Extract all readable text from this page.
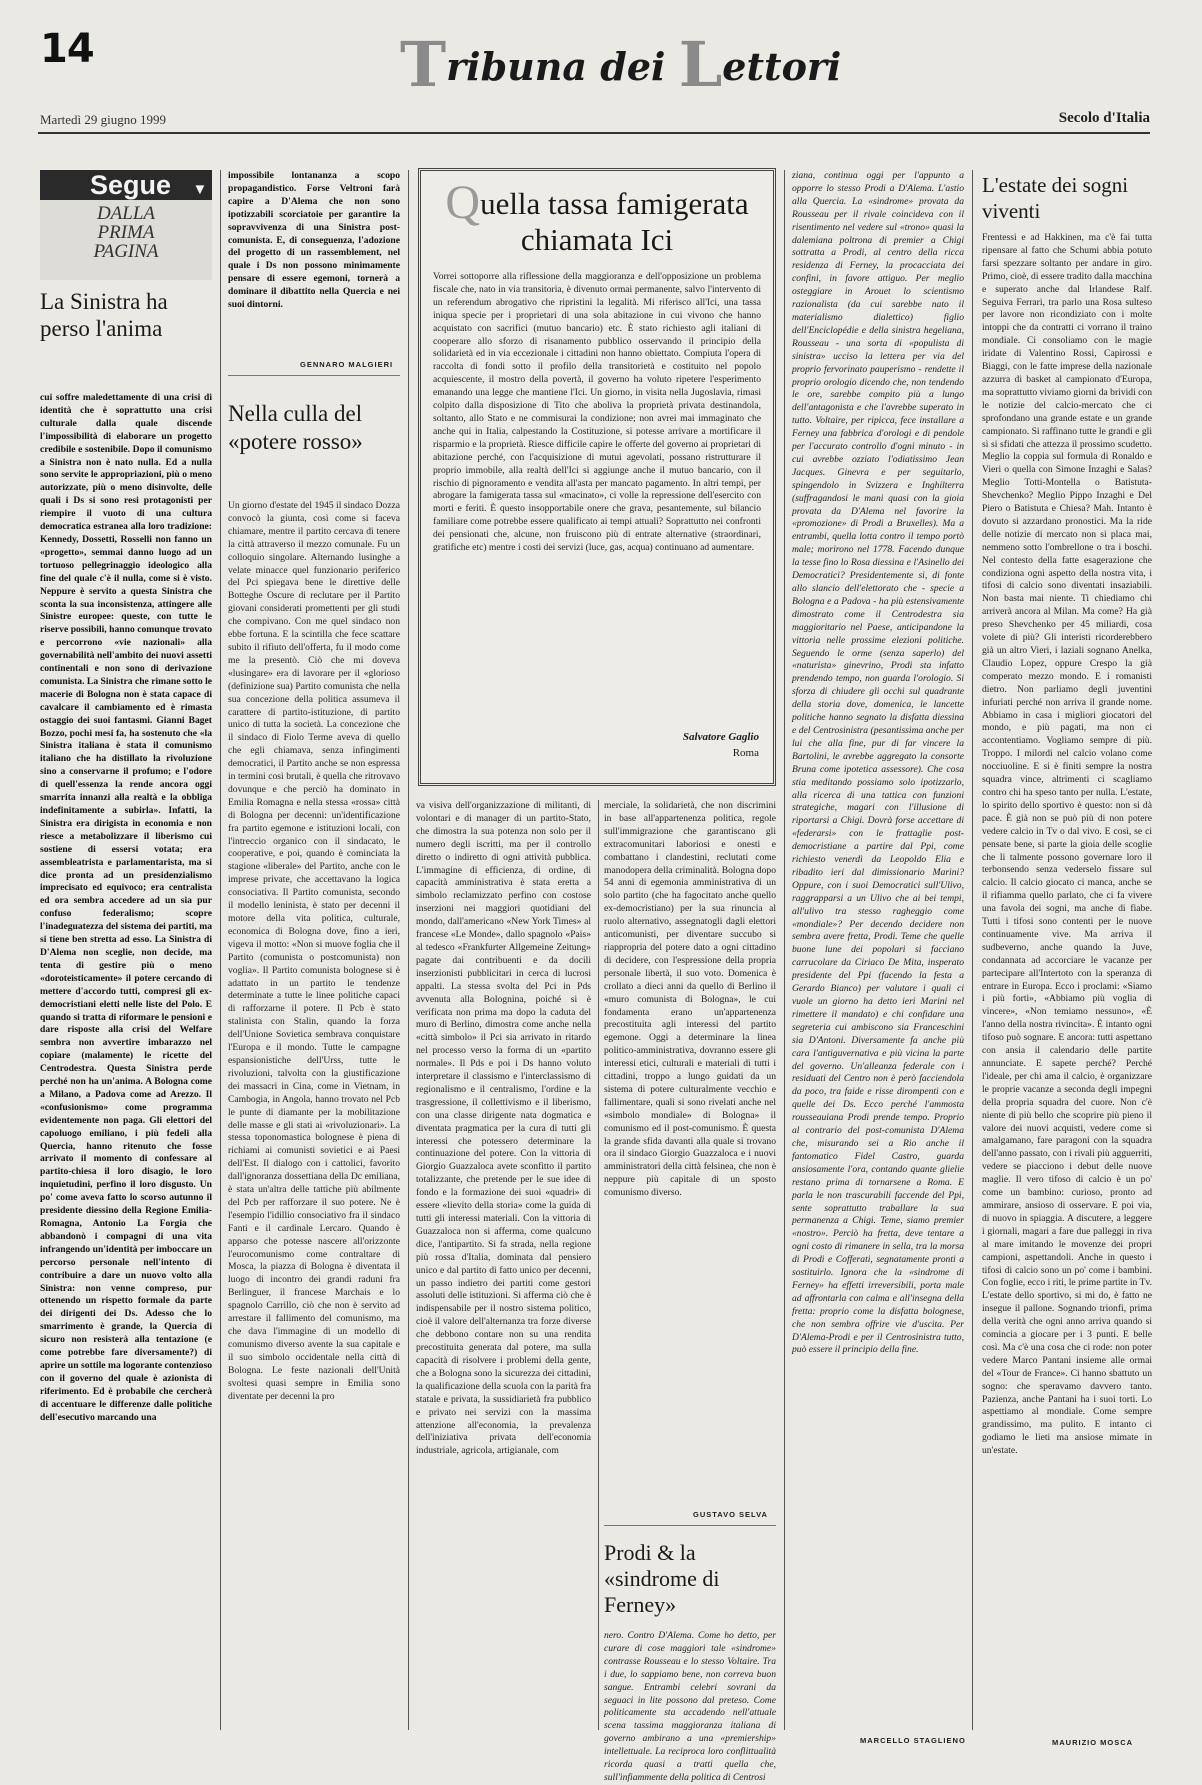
14	Tribuna dei Lettori
Martedì 29 giugno 1999	Secolo d'Italia
Segue ▼
DALLA
PRIMA
PAGINA
La Sinistra ha perso l'anima
cui soffre maledettamente di una crisi di identità che è soprattutto una crisi culturale dalla quale discende l'impossibilità di elaborare un progetto credibile e sostenibile. Dopo il comunismo a Sinistra non è nato nulla. Ed a nulla sono servite le appropriazioni, più o meno autorizzate, più o meno disinvolte, delle quali i Ds si sono resi protagonisti per riempire il vuoto di una cultura democratica estranea alla loro tradizione: Kennedy, Dossetti, Rosselli non fanno un «progetto», semmai danno luogo ad un tortuoso pellegrinaggio ideologico alla fine del quale c'è il nulla, come si è visto. Neppure è servito a questa Sinistra che sconta la sua inconsistenza, attingere alle Sinistre europee: queste, con tutte le riserve possibili, hanno comunque trovato e percorrono «vie nazionali» alla governabilità nell'ambito dei nuovi assetti continentali e non sono di derivazione comunista. La Sinistra che rimane sotto le macerie di Bologna non è stata capace di cavalcare il cambiamento ed è rimasta ostaggio dei suoi fantasmi. Gianni Baget Bozzo, pochi mesi fa, ha sostenuto che «la Sinistra italiana è stata il comunismo italiano che ha distillato la rivoluzione sino a conservarne il profumo; e l'odore di quell'essenza la rende ancora oggi smarrita innanzi alla realtà e la obbliga indefinitamente a subirla». Infatti, la Sinistra era dirigista in economia e non riesce a metabolizzare il liberismo cui sostiene di essersi votata; era assembleatrista e parlamentarista, ma si dice pronta ad un presidenzialismo imprecisato ed equivoco; era centralista ed ora sembra accedere ad un sia pur confuso federalismo; scopre l'inadeguatezza del sistema dei partiti, ma si tiene ben stretta ad esso. La Sinistra di D'Alema non sceglie, non decide, ma tenta di gestire più o meno «doroteisticamente» il potere cercando di mettere d'accordo tutti, compresi gli ex-democristiani eletti nelle liste del Polo. E quando si tratta di riformare le pensioni e dare risposte alla crisi del Welfare sembra non avvertire imbarazzo nel copiare (malamente) le ricette del Centrodestra. Questa Sinistra perde perché non ha un'anima. A Bologna come a Milano, a Padova come ad Arezzo. Il «confusionismo» come programma evidentemente non paga. Gli elettori del capoluogo emiliano, i più fedeli alla Quercia, hanno ritenuto che fosse arrivato il momento di confessare al partito-chiesa il loro disagio, le loro inquietudini, perfino il loro disgusto. Un po' come aveva fatto lo scorso autunno il presidente diessino della Regione Emilia-Romagna, Antonio La Forgia che abbandonò i compagni di una vita infrangendo un'identità per imboccare un percorso personale nell'intento di contribuire a dare un nuovo volto alla Sinistra: non venne compreso, pur ottenendo un rispetto formale da parte dei dirigenti dei Ds. Adesso che lo smarrimento è grande, la Quercia di sicuro non resisterà alla tentazione (e come potrebbe fare diversamente?) di aprire un sottile ma logorante contenzioso con il governo del quale è azionista di riferimento. Ed è probabile che cercherà di accentuare le differenze dalle politiche dell'esecutivo marcando una
impossibile lontananza a scopo propagandistico. Forse Veltroni farà capire a D'Alema che non sono ipotizzabili scorciatoie per garantire la sopravvivenza di una Sinistra post-comunista. E, di conseguenza, l'adozione del progetto di un rassemblement, nel quale i Ds non possono minimamente pensare di essere egemoni, tornerà a dominare il dibattito nella Quercia e nei suoi dintorni.
GENNARO MALGIERI
Nella culla del «potere rosso»
Un giorno d'estate del 1945 il sindaco Dozza convocò la giunta, così come si faceva chiamare, mentre il partito cercava di tenere la città attraverso il mezzo comunale. Fu un colloquio singolare. Alternando lusinghe a velate minacce quel funzionario periferico del Pci spiegava bene le direttive delle Botteghe Oscure di reclutare per il Partito giovani considerati promettenti per gli studi che compivano. Con me quel sindaco non ebbe fortuna. E la scintilla che fece scattare subito il rifiuto dell'offerta, fu il modo come me la presentò. Ciò che mi doveva «lusingare» era di lavorare per il «glorioso (definizione sua) Partito comunista che nella sua concezione della politica assumeva il carattere di partito-istituzione, di partito unico di tutta la società. La concezione che il sindaco di Fiolo Terme aveva di quello che egli chiamava, senza infingimenti democratici, il Partito anche se non espressa in termini così brutali, è quella che ritrovavo dovunque e che perciò ha dominato in Emilia Romagna e nella stessa «rossa» città di Bologna per decenni: un'identificazione fra partito egemone e istituzioni locali, con l'intreccio organico con il sindacato, le cooperative, e poi, quando è cominciata la stagione «liberale» del Partito, anche con le imprese private, che accettavano la logica consociativa. Il Partito comunista, secondo il modello leninista, è stato per decenni il motore della vita politica, culturale, economica di Bologna dove, fino a ieri, vigeva il motto: «Non si muove foglia che il Partito (comunista o postcomunista) non voglia». Il Partito comunista bolognese si è adattato in un partito le tendenze determinate a tutte le linee politiche capaci di rafforzarne il potere. Il Pcb è stato stalinista con Stalin, quando la forza dell'Unione Sovietica sembrava conquistare l'Europa e il mondo. Tutte le campagne espansionistiche dell'Urss, tutte le rivoluzioni, talvolta con la giustificazione dei massacri in Cina, come in Vietnam, in Cambogia, in Angola, hanno trovato nel Pcb le punte di diamante per la mobilitazione delle masse e gli stati ai «rivoluzionari». La stessa toponomastica bolognese è piena di richiami ai comunisti sovietici e ai Paesi dell'Est. Il dialogo con i cattolici, favorito dall'ignoranza dossettiana della Dc emiliana, è stata un'altra delle tattiche più abilmente del Pcb per rafforzare il suo potere. Ne è l'esempio l'idillio consociativo fra il sindaco Fanti e il cardinale Lercaro. Quando è apparso che potesse nascere all'orizzonte l'eurocomunismo come contraltare di Mosca, la piazza di Bologna è diventata il luogo di incontro dei grandi raduni fra Berlinguer, il francese Marchais e lo spagnolo Carrillo, ciò che non è servito ad arrestare il fallimento del comunismo, ma che dava l'immagine di un modello di comunismo diverso avente la sua capitale e il suo simbolo occidentale nella città di Bologna. Le feste nazionali dell'Unità svoltesi quasi sempre in Emilia sono diventate per decenni la pro
va visiva dell'organizzazione di militanti, di volontari e di manager di un partito-Stato, che dimostra la sua potenza non solo per il numero degli iscritti, ma per il controllo diretto o indiretto di ogni attività pubblica. L'immagine di efficienza, di ordine, di capacità amministrativa è stata eretta a simbolo reclamizzato perfino con costose inserzioni nei maggiori quotidiani del mondo, dall'americano «New York Times» al francese «Le Monde», dallo spagnolo «Pais» al tedesco «Frankfurter Allgemeine Zeitung» pagate dai contribuenti e da docili inserzionisti pubblicitari in cerca di lucrosi appalti. La stessa svolta del Pci in Pds avvenuta alla Bolognina, poiché si è verificata non prima ma dopo la caduta del muro di Berlino, dimostra come anche nella «città simbolo» il Pci sia arrivato in ritardo nel processo verso la forma di un «partito normale». Il Pds e poi i Ds hanno voluto interpretare il classismo e l'interclassismo di regionalismo e il centralismo, l'ordine e la trasgressione, il collettivismo e il liberismo, con una classe dirigente nata dogmatica e diventata pragmatica per la cura di tutti gli interessi che potessero determinare la continuazione del potere. Con la vittoria di Giorgio Guazzaloca avete sconfitto il partito totalizzante, che pretende per le sue idee di fondo e la formazione dei suoi «quadri» di essere «lievito della storia» come la guida di tutti gli interessi materiali. Con la vittoria di Guazzaloca non si afferma, come qualcuno dice, l'antipartito. Si fa strada, nella regione più rossa d'Italia, dominata dal pensiero unico e dal partito di fatto unico per decenni, un passo indietro dei partiti come gestori assoluti delle istituzioni. Si afferma ciò che è indispensabile per il nostro sistema politico, cioè il valore dell'alternanza tra forze diverse che debbono contare non su una rendita precostituita generata dal potere, ma sulla capacità di risolvere i problemi della gente, che a Bologna sono la sicurezza dei cittadini, la qualificazione della scuola con la parità fra statale e privata, la sussidiarietà fra pubblico e privato nei servizi con la massima attenzione all'economia, la prevalenza dell'iniziativa privata dell'economia industriale, agricola, artigianale, com
merciale, la solidarietà, che non discrimini in base all'appartenenza politica, regole sull'immigrazione che garantiscano gli extracomunitari laboriosi e onesti e combattano i clandestini, reclutati come manodopera della criminalità. Bologna dopo 54 anni di egemonia amministrativa di un solo partito (che ha fagocitato anche quello ex-democristiano) per la sua rinuncia al ruolo alternativo, assegnatogli dagli elettori anticomunisti, per diventare succubo si riappropria del potere dato a ogni cittadino di decidere, con l'espressione della propria personale libertà, il suo voto. Domenica è crollato a dieci anni da quello di Berlino il «muro comunista di Bologna», le cui fondamenta erano un'appartenenza precostituita agli interessi del partito egemone. Oggi a determinare la linea politico-amministrativa, dovranno essere gli interessi etici, culturali e materiali di tutti i cittadini, troppo a lungo guidati da un sistema di potere culturalmente vecchio e fallimentare, quali si sono rivelati anche nel «simbolo mondiale» di Bologna» il comunismo ed il post-comunismo. È questa la grande sfida davanti alla quale si trovano ora il sindaco Giorgio Guazzaloca e i nuovi amministratori della città felsinea, che non è neppure più capitale di un sposto comunismo diverso.
GUSTAVO SELVA
Quella tassa famigerata
chiamata Ici
Vorrei sottoporre alla riflessione della maggioranza e dell'opposizione un problema fiscale che, nato in via transitoria, è divenuto ormai permanente, salvo l'intervento di un referendum abrogativo che ripristini la legalità. Mi riferisco all'Ici, una tassa iniqua specie per i proprietari di una sola abitazione in cui vivono che hanno acquistato con sacrifici (mutuo bancario) etc. È stato richiesto agli italiani di cooperare allo sforzo di risanamento pubblico osservando il principio della solidarietà ed in via eccezionale i cittadini non hanno obiettato. Compiuta l'opera di raccolta di fondi sotto il profilo della transitorietà e costituito nel popolo acquiescente, il mostro della povertà, il governo ha voluto ripetere l'esperimento emanando una legge che mantiene l'Ici. Un giorno, in visita nella Jugoslavia, rimasi colpito dalla disposizione di Tito che aboliva la proprietà privata destinandola, soltanto, allo Stato e ne commisurai la condizione; non avrei mai immaginato che anche qui in Italia, calpestando la Costituzione, si potesse arrivare a mortificare il risparmio e la proprietà. Riesce difficile capire le offerte del governo ai proprietari di abitazione perché, con l'acquisizione di mutui agevolati, possano ristrutturare il proprio immobile, alla realtà dell'Ici si aggiunge anche il mutuo bancario, con il rischio di pignoramento e vendita all'asta per mancato pagamento. In altri tempi, per abrogare la famigerata tassa sul «macinato», ci volle la repressione dell'esercito con morti e feriti. È questo insopportabile onere che grava, pesantemente, sul bilancio familiare come potrebbe essere qualificato ai tempi attuali? Soprattutto nei confronti dei pensionati che, alcune, non fruiscono più di entrate alternative (straordinari, gratifiche etc) mentre i costi dei servizi (luce, gas, acqua) continuano ad aumentare.
Salvatore Gaglio
Roma
ziana, continua oggi per l'appunto a opporre lo stesso Prodi a D'Alema. L'astio alla Quercia. La «sindrome» provata da Rousseau per il rivale coincideva con il risentimento nel vedere sul «trono» quasi la dalemiana poltrona di premier a Chigi sottratta a Prodi, al centro della ricca residenza di Ferney, la procacciata dei confini, in favore attiguo. Per meglio osteggiare in Arouet lo scientismo razionalista (da cui sarebbe nato il materialismo dialettico) figlio dell'Enciclopédie e della sinistra hegeliana, Rousseau - una sorta di «populista di sinistra» ucciso la lettera per via del proprio fervorinato pauperismo - rendette il proprio orologio dicendo che, non tendendo le ore, sarebbe compito più a lungo dell'antagonista e che l'avrebbe superato in tutto. Voltaire, per ripicca, fece installare a Ferney una fabbrica d'orologi e di pendole per l'accurato controllo d'ogni minuto - in cui avrebbe ozziato l'odiatissimo Jean Jacques. Ginevra e per seguitarlo, spingendolo in Svizzera e Inghilterra (suffragandosi le mani quasi con la gioia provata da D'Alema nel favorire la «promozione» di Prodi a Bruxelles). Ma a entrambi, quella lotta contro il tempo portò male; morirono nel 1778. Facendo dunque la tesse fino lo Rosa diessina e l'Asinello dei Democratici? Presidentemente si, di fonte allo slancio dell'elettorato che - specie a Bologna e a Padova - ha più estensivamente dimostrato come il Centrodestra sia maggioritario nel Paese, anticipandone la vittoria nelle prossime elezioni politiche. Seguendo le orme (senza saperlo) del «naturista» ginevrino, Prodi sta infatto prendendo tempo, non guarda l'orologio. Si sforza di chiudere gli occhi sul quadrante della storia dove, domenica, le lancette politiche hanno segnato la disfatta diessina e del Centrosinistra (pesantissima anche per lui che alla fine, pur di far vincere la Bartolini, le avrebbe aggregato la consorte Bruna come ipotetica assessore). Che cosa stia meditando possiamo solo ipotizzarlo, alla ricerca di una tattica con funzioni strategiche, magari con l'illusione di riportarsi a Chigi. Dovrà forse accettare di «federarsi» con le frattaglie post-democristiane a partire dal Ppi, come richiesto venerdì da Leopoldo Elia e ribadito ieri dal dimissionario Marini? Oppure, con i suoi Democratici sull'Ulivo, raggrapparsi a un Ulivo che ai bei tempi, all'ulivo tra stesso ragheggio come «mondiale»? Per decendo decidere non sembra avere fretta, Prodi. Teme che quelle buone lune dei popolari si facciano carrucolare da Ciriaco De Mita, insperato presidente del Ppi (facendo la festa a Gerardo Bianco) per valutare i quali ci vuole un giorno ha detto ieri Marini nel rimettere il mandato) e chi confidare una segreteria cui ambiscono sia Franceschini sia D'Antoni. Diversamente fa anche più cara l'antiguvernativa e più vicina la parte del governo. Un'alleanza federale con i residuati del Centro non è però facciendola da poco, tra faide e risse dirompenti con e quelle dei Ds. Ecco perché l'ammosta rousseauiana Prodi prende tempo. Proprio al contrario del post-comunista D'Alema che, misurando sei a Rio anche il fantomatico Fidel Castro, guarda ansiosamente l'ora, contando quante glielie restano prima di tornarsene a Roma. E parla le non trascurabili faccende del Ppi, sente soprattutto traballare la sua permanenza a Chigi. Teme, siamo premier «nostro». Perciò ha fretta, deve tentare a ogni costo di rimanere in sella, tra la morsa di Prodi e Cofferati, segnatamente pronti a sostituirlo. Ignora che la «sindrome di Ferney» ha effetti irreversibili, porta male ad affrontarla con calma e all'insegna della fretta: proprio come la disfatta bolognese, che non sembra offrire vie d'uscita. Per D'Alema-Prodi e per il Centrosinistra tutto, può essere il principio della fine.
MARCELLO STAGLIENO
Prodi & la «sindrome di Ferney»
nero. Contro D'Alema. Come ho detto, per curare di cose maggiori tale «sindrome» contrasse Rousseau e lo stesso Voltaire. Tra i due, lo sappiamo bene, non correva buon sangue. Entrambi celebri sovrani da seguaci in lite possono dal preteso. Come politicamente sta accadendo nell'attuale scena tassima maggioranza italiana di governo ambirano a una «premiership» intellettuale. La reciproca loro conflittualità ricorda quasi a tratti quella che, sull'infiammente della politica di Centrosi
L'estate dei sogni viventi
Frentessi e ad Hakkinen, ma c'è fai tutta ripensare al fatto che Schumi abbia potuto farsi spezzare soltanto per andare in giro. Primo, cioè, di essere tradito dalla macchina e superato anche dal Irlandese Ralf. Seguiva Ferrari, tra parlo una Rosa sulteso per lavore non ricondiziato con i molte intoppi che da contratti ci vorrano il traino mondiale. Ci consoliamo con le magie iridate di Valentino Rossi, Capirossi e Biaggi, con le fatte imprese della nazionale azzurra di basket al campionato d'Europa, ma soprattutto viviamo giorni da brividi con le notizie del calcio-mercato che ci sprofondano una grande estate e un grande campionato. Si raffinano tutte le grandi e gli sì si sfidati che attezza il prossimo scudetto. Meglio la coppia sul formula di Ronaldo e Vieri o quella con Simone Inzaghi e Salas? Meglio Totti-Montella o Batistuta-Shevchenko? Meglio Pippo Inzaghi e Del Piero o Batistuta e Chiesa? Mah. Intanto è dovuto si azzardano pronostici. Ma la ride delle notizie di mercato non si placa mai, nemmeno sotto l'ombrellone o tra i boschi. Nel contesto della fatte esagerazione che condiziona ogni aspetto della nostra vita, i tifosi di calcio sono diventati insaziabili. Non basta mai niente. Ti chiediamo chi arriverà ancora al Milan. Ma come? Ha già preso Shevchenko per 45 miliardi, cosa volete di più? Gli interisti ricorderebbero già un altro Vieri, i laziali sognano Anelka, Claudio Lopez, oppure Crespo la già comperato mezzo mondo. E i romanisti dietro. Non parliamo degli juventini infuriati perché non arriva il grande nome. Abbiamo in casa i migliori giocatori del mondo, e più pagati, ma non ci accontentiamo. Vogliamo sempre di più. Troppo. I milordi nel calcio volano come nocciuoline. E si è finiti sempre la nostra squadra vince, altrimenti ci scagliamo contro chi ha speso tanto per nulla. L'estate, lo spirito dello sportivo è questo: non si dà pace. È già non se può più di non potere vedere calcio in Tv o dal vivo. E così, se ci pensate bene, si parte la gioia delle scoglie che li talmente possono governare loro il terbonsendo senza vederselo fissare sul calcio. Il calcio giocato ci manca, anche se il rifiamma quello parlato, che ci fa vivere una favola dei sogni, ma anche di fiabe. Tutti i tifosi sono contenti per le nuove continuamente vive. Ma arriva il sudbeverno, anche quando la Juve, condannata ad accorciare le vacanze per partecipare all'Intertoto con la speranza di entrare in Europa. Ecco i proclami: «Siamo i più forti», «Abbiamo più voglia di vincere», «Non temiamo nessuno», «È l'anno della nostra rivincita». È intanto ogni tifoso può sognare. E ancora: tutti aspettano con ansia il calendario delle partite annunciate. E sapete perché? Perché l'ideale, per chi ama il calcio, è organizzare le proprie vacanze a seconda degli impegni della propria squadra del cuore. Non c'è niente di più bello che scoprire più pieno il valore dei nuovi acquisti, vedere come si amalgamano, fare paragoni con la squadra dell'anno passato, con i rivali più agguerriti, vedere se piacciono i debut delle nuove maglie. Il vero tifoso di calcio è un po' come un bambino: curioso, pronto ad ammirare, ansioso di osservare. E poi via, di nuovo in spiaggia. A discutere, a leggere i giornali, magari a fare due palleggi in riva al mare imitando le movenze dei propri campioni, aspettandoli. Anche in questo i tifosi di calcio sono un po' come i bambini. Con foglie, ecco i riti, le prime partite in Tv. L'estate dello sportivo, si mi do, è fatto ne insegue il pallone. Sognando trionfi, prima della verità che ogni anno arriva quando si comincia a giocare per i 3 punti. E belle così. Ma c'è una cosa che ci rode: non poter vedere Marco Pantani insieme alle ormai del «Tour de France». Ci hanno sbattuto un sogno: che speravamo davvero tanto. Pazienza, anche Pantani ha i suoi torti. Lo aspettiamo al mondiale. Come sempre grandissimo, ma pulito. E intanto ci godiamo le lieti ma ansiose mimate in un'estate.
MAURIZIO MOSCA
